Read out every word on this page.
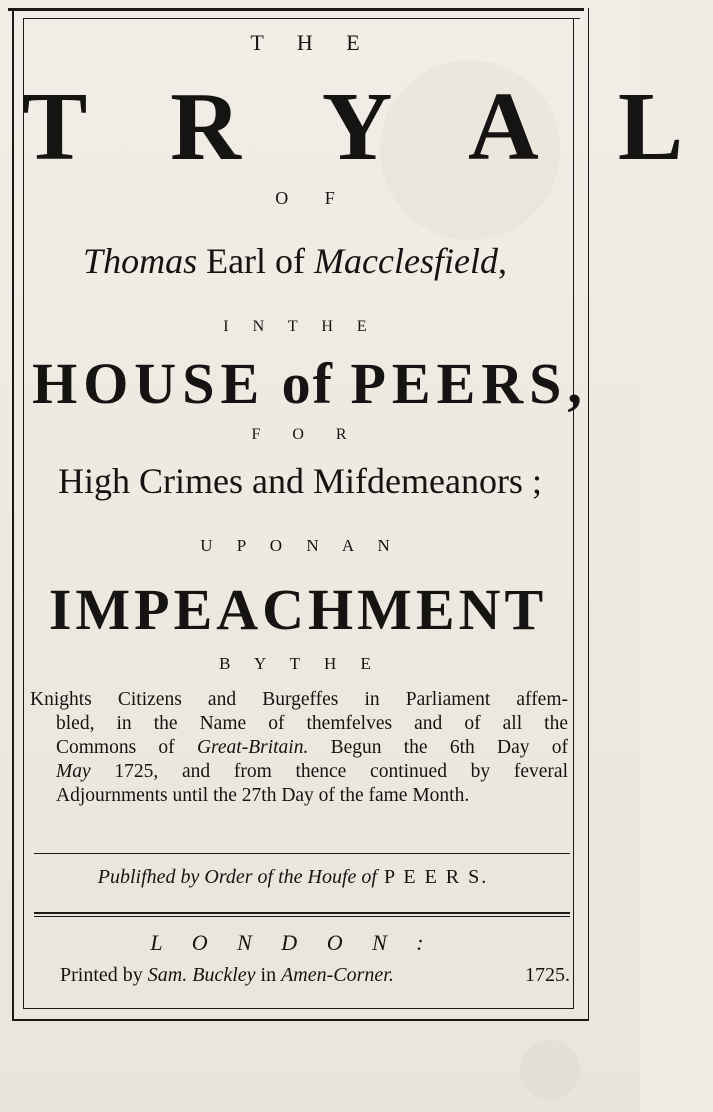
T H E
T R Y A L
O F
Thomas Earl of Macclesfield,
I N T H E
HOUSE of PEERS,
F O R
High Crimes and Mifdemeanors ;
U P O N A N
IMPEACHMENT
B Y T H E
Knights Citizens and Burgeffes in Parliament affem-
bled, in the Name of themfelves and of all the
Commons of Great-Britain. Begun the 6th Day of
May 1725, and from thence continued by feveral
Adjournments until the 27th Day of the fame Month.
Publifhed by Order of the Houfe of P E E R S.
L O N D O N :
Printed by Sam. Buckley in Amen-Corner.	1725.
